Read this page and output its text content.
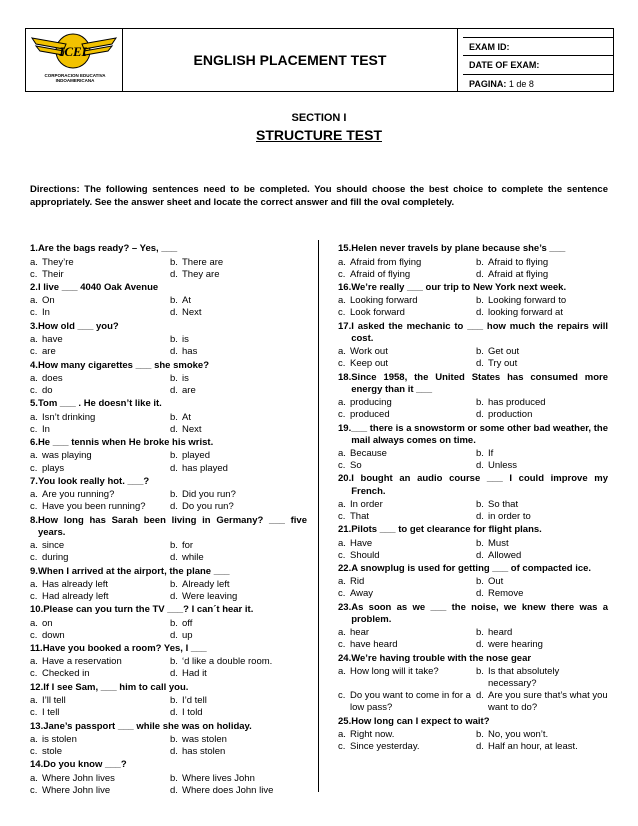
ICEI
CORPORACION EDUCATIVA INDOAMERICANA
ENGLISH PLACEMENT TEST
EXAM ID:
DATE OF EXAM:
PAGINA: 1 de 8
SECTION I
STRUCTURE TEST
Directions: The following sentences need to be completed. You should choose the best choice to complete the sentence appropriately. See the answer sheet and locate the correct answer and fill the oval completely.
1. Are the bags ready? – Yes, ___
a. They’re	b. There are
c. Their	d. They are
2. I live ___ 4040 Oak Avenue
a. On	b. At
c. In	d. Next
3. How old ___ you?
a. have	b. is
c. are	d. has
4. How many cigarettes ___ she smoke?
a. does	b. is
c. do	d. are
5. Tom ___ . He doesn’t like it.
a. Isn’t drinking	b. At
c. In	d. Next
6. He ___ tennis when He broke his wrist.
a. was playing	b. played
c. plays	d. has played
7. You look really hot. ___?
a. Are you running?	b. Did you run?
c. Have you been running?	d. Do you run?
8. How long has Sarah been living in Germany? ___ five years.
a. since	b. for
c. during	d. while
9. When I arrived at the airport, the plane ___
a. Has already left	b. Already left
c. Had already left	d. Were leaving
10. Please can you turn the TV ___? I can´t hear it.
a. on	b. off
c. down	d. up
11. Have you booked a room? Yes, I ___
a. Have a reservation	b. ‘d like a double room.
c. Checked in	d. Had it
12. If I see Sam, ___ him to call you.
a. I’ll tell	b. I’d tell
c. I tell	d. I told
13. Jane’s passport ___ while she was on holiday.
a. is stolen	b. was stolen
c. stole	d. has stolen
14. Do you know ___?
a. Where John lives	b. Where lives John
c. Where John live	d. Where does John live
15. Helen never travels by plane because she’s ___
a. Afraid from flying	b. Afraid to flying
c. Afraid of flying	d. Afraid at flying
16. We’re really ___ our trip to New York next week.
a. Looking forward	b. Looking forward to
c. Look forward	d. looking forward at
17. I asked the mechanic to ___ how much the repairs will cost.
a. Work out	b. Get out
c. Keep out	d. Try out
18. Since 1958, the United States has consumed more energy than it ___
a. producing	b. has produced
c. produced	d. production
19. ___ there is a snowstorm or some other bad weather, the mail always comes on time.
a. Because	b. If
c. So	d. Unless
20. I bought an audio course ___ I could improve my French.
a. In order	b. So that
c. That	d. in order to
21. Pilots ___ to get clearance for flight plans.
a. Have	b. Must
c. Should	d. Allowed
22. A snowplug is used for getting ___ of compacted ice.
a. Rid	b. Out
c. Away	d. Remove
23. As soon as we ___ the noise, we knew there was a problem.
a. hear	b. heard
c. have heard	d. were hearing
24. We’re having trouble with the nose gear
a. How long will it take?	b. Is that absolutely necessary?
c. Do you want to come in for a low pass?
d. Are you sure that’s what you want to do?
25. How long can I expect to wait?
a. Right now.	b. No, you won’t.
c. Since yesterday.	d. Half an hour, at least.
